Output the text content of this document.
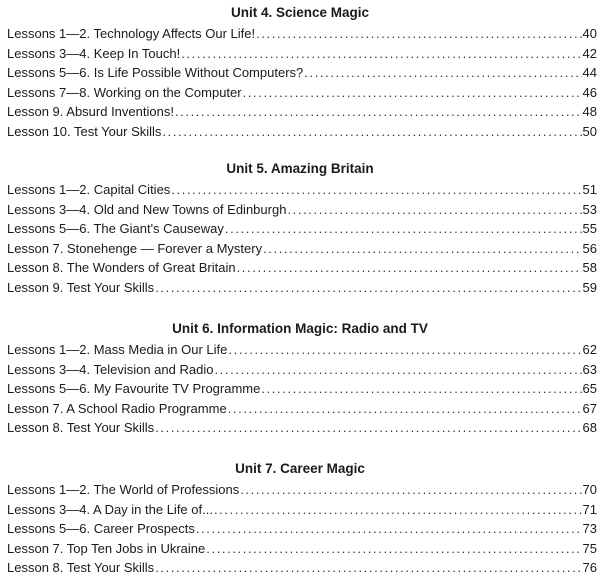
Unit 4. Science Magic
Lessons 1—2. Technology Affects Our Life! .....	40
Lessons 3—4. Keep In Touch! .....	42
Lessons 5—6. Is Life Possible Without Computers? .....	44
Lessons 7—8. Working on the Computer .....	46
Lesson 9. Absurd Inventions! .....	48
Lesson 10. Test Your Skills .....	50
Unit 5. Amazing Britain
Lessons 1—2. Capital Cities .....	51
Lessons 3—4. Old and New Towns of Edinburgh .....	53
Lessons 5—6. The Giant's Causeway .....	55
Lesson 7. Stonehenge — Forever a Mystery .....	56
Lesson 8. The Wonders of Great Britain .....	58
Lesson 9. Test Your Skills .....	59
Unit 6. Information Magic: Radio and TV
Lessons 1—2. Mass Media in Our Life .....	62
Lessons 3—4. Television and Radio .....	63
Lessons 5—6. My Favourite TV Programme .....	65
Lesson 7. A School Radio Programme .....	67
Lesson 8. Test Your Skills .....	68
Unit 7. Career Magic
Lessons 1—2. The World of Professions .....	70
Lessons 3—4. A Day in the Life of... .....	71
Lessons 5—6. Career Prospects .....	73
Lesson 7. Top Ten Jobs in Ukraine .....	75
Lesson 8. Test Your Skills .....	76
